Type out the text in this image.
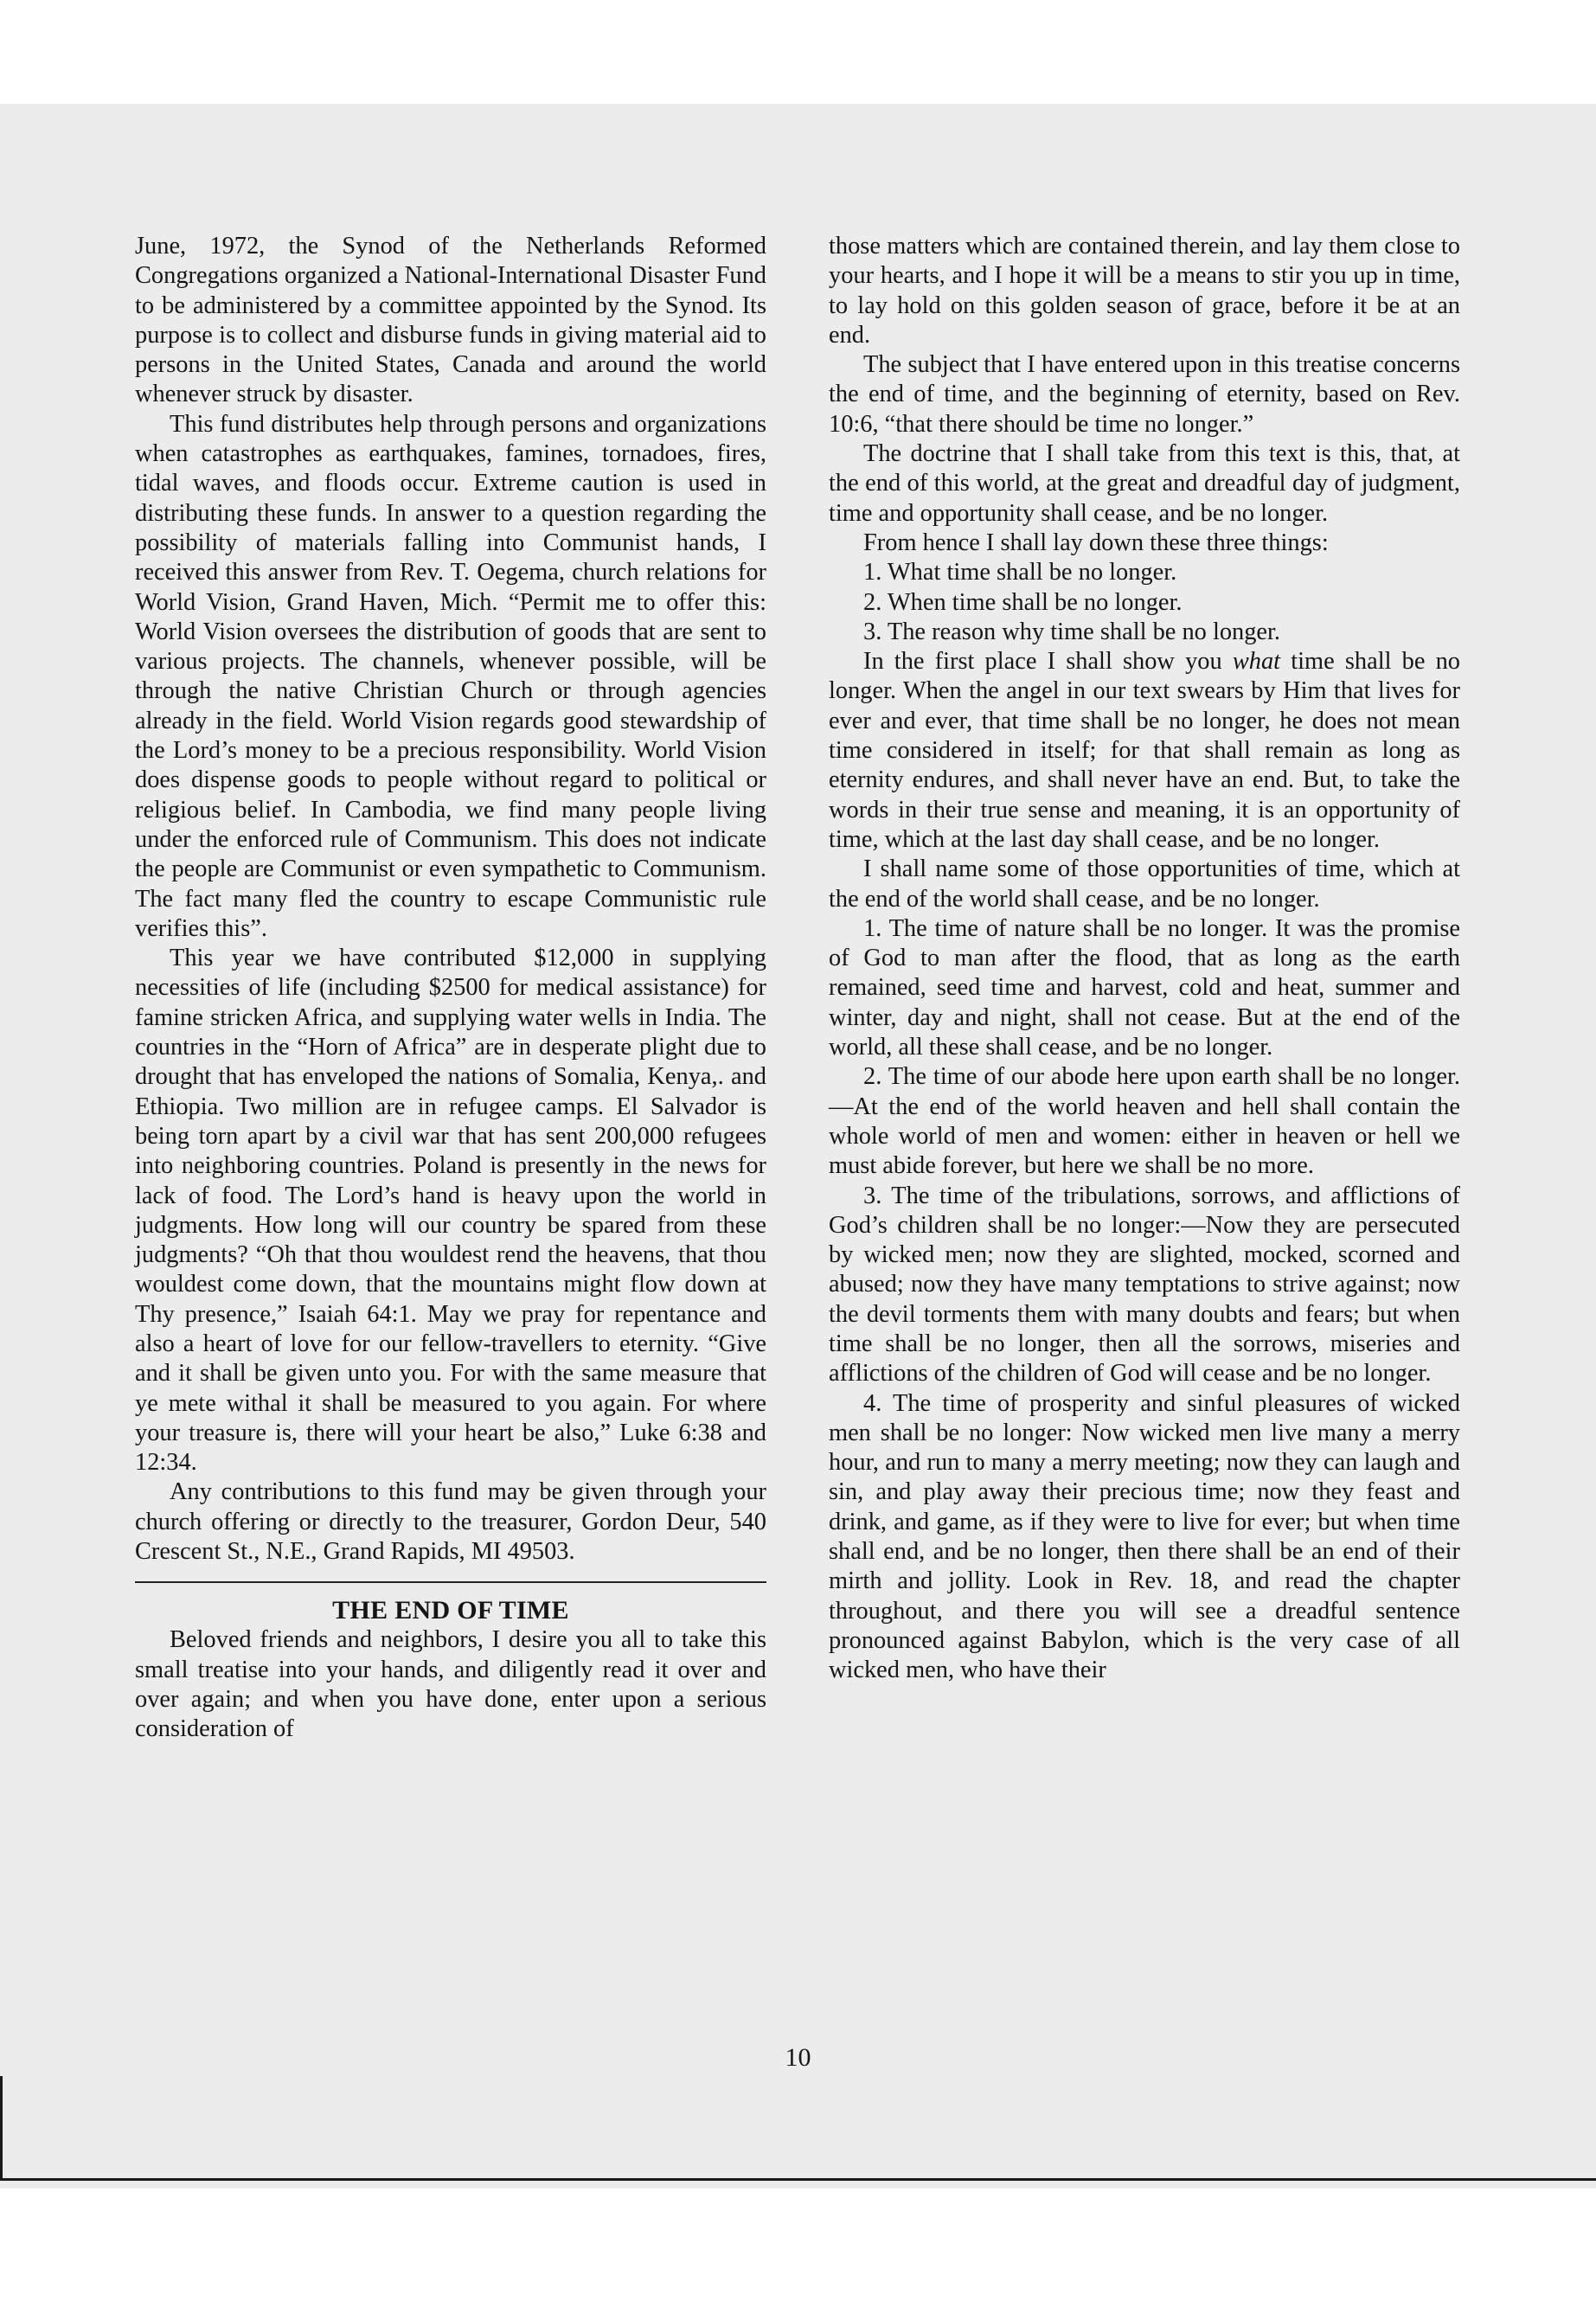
June, 1972, the Synod of the Netherlands Reformed Congregations organized a National-International Disaster Fund to be administered by a committee appointed by the Synod. Its purpose is to collect and disburse funds in giving material aid to persons in the United States, Canada and around the world whenever struck by disaster.

This fund distributes help through persons and organizations when catastrophes as earthquakes, famines, tornadoes, fires, tidal waves, and floods occur. Extreme caution is used in distributing these funds. In answer to a question regarding the possibility of materials falling into Communist hands, I received this answer from Rev. T. Oegema, church relations for World Vision, Grand Haven, Mich. “Permit me to offer this: World Vision oversees the distribution of goods that are sent to various projects. The channels, whenever possible, will be through the native Christian Church or through agencies already in the field. World Vision regards good stewardship of the Lord’s money to be a precious responsibility. World Vision does dispense goods to people without regard to political or religious belief. In Cambodia, we find many people living under the enforced rule of Communism. This does not indicate the people are Communist or even sympathetic to Communism. The fact many fled the country to escape Communistic rule verifies this”.

This year we have contributed $12,000 in supplying necessities of life (including $2500 for medical assistance) for famine stricken Africa, and supplying water wells in India. The countries in the “Horn of Africa” are in desperate plight due to drought that has enveloped the nations of Somalia, Kenya,. and Ethiopia. Two million are in refugee camps. El Salvador is being torn apart by a civil war that has sent 200,000 refugees into neighboring countries. Poland is presently in the news for lack of food. The Lord’s hand is heavy upon the world in judgments. How long will our country be spared from these judgments? “Oh that thou wouldest rend the heavens, that thou wouldest come down, that the mountains might flow down at Thy presence,” Isaiah 64:1. May we pray for repentance and also a heart of love for our fellow-travellers to eternity. “Give and it shall be given unto you. For with the same measure that ye mete withal it shall be measured to you again. For where your treasure is, there will your heart be also,” Luke 6:38 and 12:34.

Any contributions to this fund may be given through your church offering or directly to the treasurer, Gordon Deur, 540 Crescent St., N.E., Grand Rapids, MI 49503.

THE END OF TIME

Beloved friends and neighbors, I desire you all to take this small treatise into your hands, and diligently read it over and over again; and when you have done, enter upon a serious consideration of

those matters which are contained therein, and lay them close to your hearts, and I hope it will be a means to stir you up in time, to lay hold on this golden season of grace, before it be at an end.

The subject that I have entered upon in this treatise concerns the end of time, and the beginning of eternity, based on Rev. 10:6, “that there should be time no longer.”

The doctrine that I shall take from this text is this, that, at the end of this world, at the great and dreadful day of judgment, time and opportunity shall cease, and be no longer.

From hence I shall lay down these three things:

1. What time shall be no longer.

2. When time shall be no longer.

3. The reason why time shall be no longer.

In the first place I shall show you what time shall be no longer. When the angel in our text swears by Him that lives for ever and ever, that time shall be no longer, he does not mean time considered in itself; for that shall remain as long as eternity endures, and shall never have an end. But, to take the words in their true sense and meaning, it is an opportunity of time, which at the last day shall cease, and be no longer.

I shall name some of those opportunities of time, which at the end of the world shall cease, and be no longer.

1. The time of nature shall be no longer. It was the promise of God to man after the flood, that as long as the earth remained, seed time and harvest, cold and heat, summer and winter, day and night, shall not cease. But at the end of the world, all these shall cease, and be no longer.

2. The time of our abode here upon earth shall be no longer.—At the end of the world heaven and hell shall contain the whole world of men and women: either in heaven or hell we must abide forever, but here we shall be no more.

3. The time of the tribulations, sorrows, and afflictions of God’s children shall be no longer:—Now they are persecuted by wicked men; now they are slighted, mocked, scorned and abused; now they have many temptations to strive against; now the devil torments them with many doubts and fears; but when time shall be no longer, then all the sorrows, miseries and afflictions of the children of God will cease and be no longer.

4. The time of prosperity and sinful pleasures of wicked men shall be no longer: Now wicked men live many a merry hour, and run to many a merry meeting; now they can laugh and sin, and play away their precious time; now they feast and drink, and game, as if they were to live for ever; but when time shall end, and be no longer, then there shall be an end of their mirth and jollity. Look in Rev. 18, and read the chapter throughout, and there you will see a dreadful sentence pronounced against Babylon, which is the very case of all wicked men, who have their

10
